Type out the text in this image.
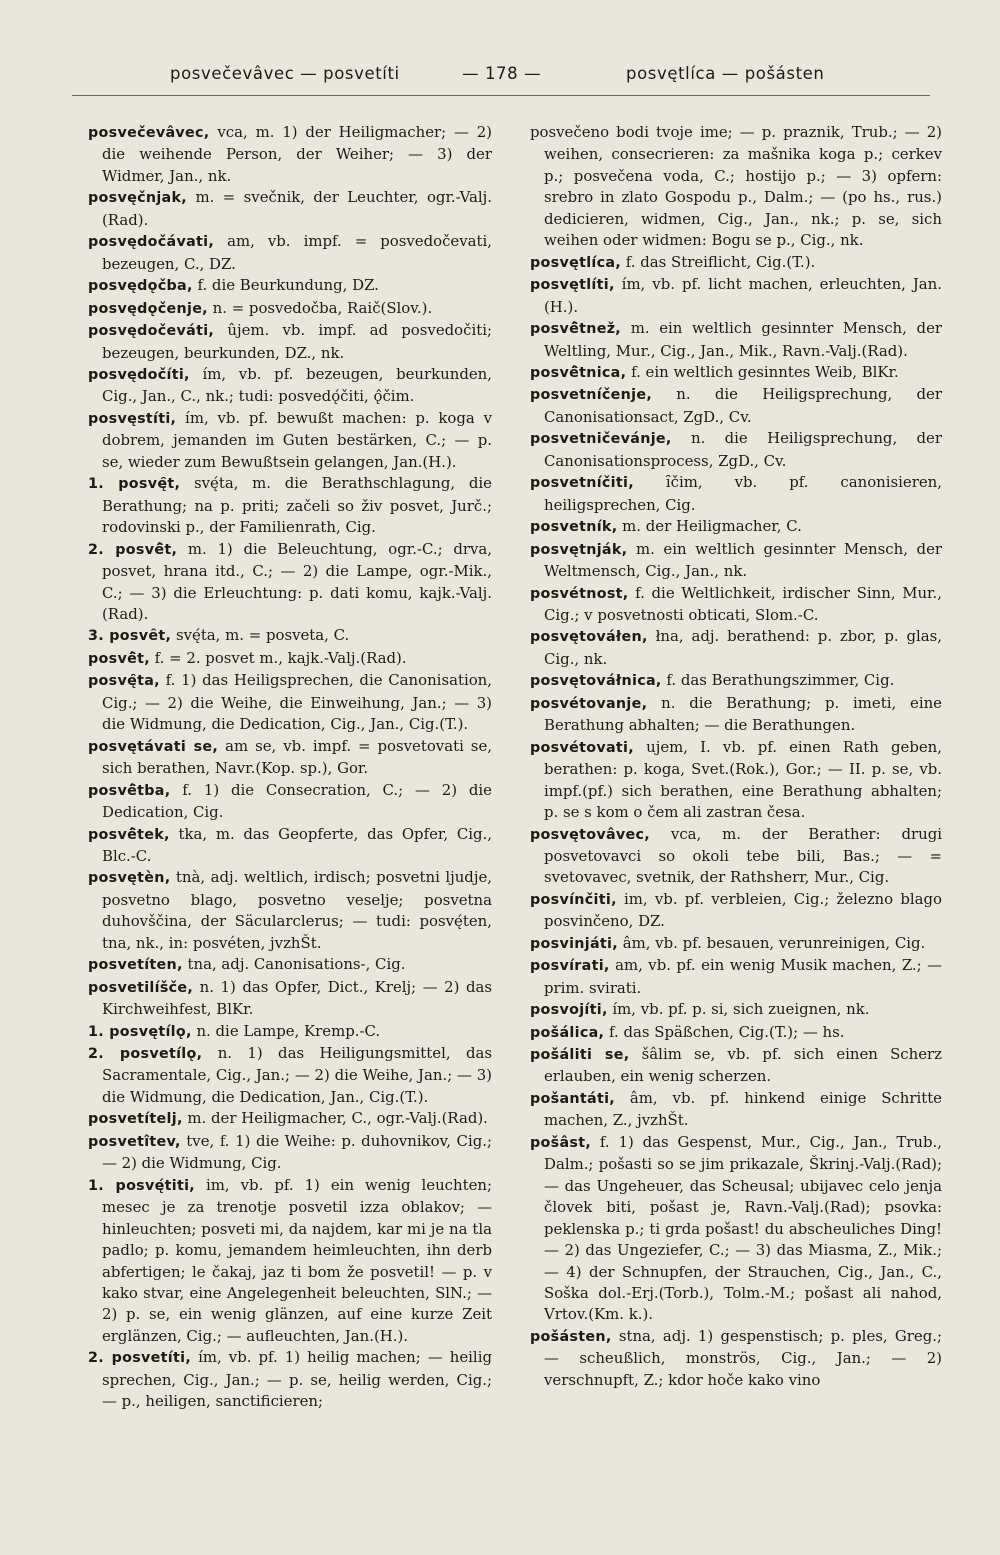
posvečevâvec — posvetíti	— 178 —	posvętlíca — pošásten

posvečevâvec, vca, m. 1) der Heiligmacher; — 2) die weihende Person, der Weiher; — 3) der Widmer, Jan., nk.

posvęčnjak, m. = svečnik, der Leuchter, ogr.-Valj.(Rad).

posvędočávati, am, vb. impf. = posvedočevati, bezeugen, C., DZ.

posvędǫčba, f. die Beurkundung, DZ.

posvędǫčenje, n. = posvedočba, Raič(Slov.).

posvędočeváti, ûjem. vb. impf. ad posvedočiti; bezeugen, beurkunden, DZ., nk.

posvędočíti, ím, vb. pf. bezeugen, beurkunden, Cig., Jan., C., nk.; tudi: posvedǫ́čiti, ǫ̂čim.

posvęstíti, ím, vb. pf. bewußt machen: p. koga v dobrem, jemanden im Guten bestärken, C.; — p. se, wieder zum Bewußtsein gelangen, Jan.(H.).

1. posvę̑t, svę́ta, m. die Berathschlagung, die Berathung; na p. priti; začeli so živ posvet, Jurč.; rodovinski p., der Familienrath, Cig.

2. posvê̑t, m. 1) die Beleuchtung, ogr.-C.; drva, posvet, hrana itd., C.; — 2) die Lampe, ogr.-Mik., C.; — 3) die Erleuchtung: p. dati komu, kajk.-Valj.(Rad).

3. posvȇt, svę́ta, m. = posveta, C.

posvê̑t, f. = 2. posvet m., kajk.-Valj.(Rad).

posvę̑ta, f. 1) das Heiligsprechen, die Canonisation, Cig.; — 2) die Weihe, die Einweihung, Jan.; — 3) die Widmung, die Dedication, Cig., Jan., Cig.(T.).

posvętávati se, am se, vb. impf. = posvetovati se, sich berathen, Navr.(Kop. sp.), Gor.

posvê̑tba, f. 1) die Consecration, C.; — 2) die Dedication, Cig.

posvê̑tek, tka, m. das Geopferte, das Opfer, Cig., Blc.-C.

posvętèn, tnà, adj. weltlich, irdisch; posvetni ljudje, posvetno blago, posvetno veselje; posvetna duhovščina, der Säcularclerus; — tudi: posvę́ten, tna, nk., in: posvéten, jvzhŠt.

posvetíten, tna, adj. Canonisations-, Cig.

posvetilíšče, n. 1) das Opfer, Dict., Krelj; — 2) das Kirchweihfest, BlKr.

1. posvętílǫ, n. die Lampe, Kremp.-C.

2. posvetílǫ, n. 1) das Heiligungsmittel, das Sacramentale, Cig., Jan.; — 2) die Weihe, Jan.; — 3) die Widmung, die Dedication, Jan., Cig.(T.).

posvetítelj, m. der Heiligmacher, C., ogr.-Valj.(Rad).

posvetîtev, tve, f. 1) die Weihe: p. duhovnikov, Cig.; — 2) die Widmung, Cig.

1. posvę́titi, im, vb. pf. 1) ein wenig leuchten; mesec je za trenotje posvetil izza oblakov; — hinleuchten; posveti mi, da najdem, kar mi je na tla padlo; p. komu, jemandem heimleuchten, ihn derb abfertigen; le čakaj, jaz ti bom že posvetil! — p. v kako stvar, eine Angelegenheit beleuchten, SlN.; — 2) p. se, ein wenig glänzen, auf eine kurze Zeit erglänzen, Cig.; — aufleuchten, Jan.(H.).

2. posvetíti, ím, vb. pf. 1) heilig machen; — heilig sprechen, Cig., Jan.; — p. se, heilig werden, Cig.; — p., heiligen, sanctificieren;

posvečeno bodi tvoje ime; — p. praznik, Trub.; — 2) weihen, consecrieren: za mašnika koga p.; cerkev p.; posvečena voda, C.; hostijo p.; — 3) opfern: srebro in zlato Gospodu p., Dalm.; — (po hs., rus.) dedicieren, widmen, Cig., Jan., nk.; p. se, sich weihen oder widmen: Bogu se p., Cig., nk.

posvętlíca, f. das Streiflicht, Cig.(T.).

posvętlíti, ím, vb. pf. licht machen, erleuchten, Jan.(H.).

posvê̑tnež, m. ein weltlich gesinnter Mensch, der Weltling, Mur., Cig., Jan., Mik., Ravn.-Valj.(Rad).

posvê̑tnica, f. ein weltlich gesinntes Weib, BlKr.

posvetníčenje, n. die Heiligsprechung, der Canonisationsact, ZgD., Cv.

posvetničevánje, n. die Heiligsprechung, der Canonisationsprocess, ZgD., Cv.

posvetníčiti, ȋčim, vb. pf. canonisieren, heiligsprechen, Cig.

posvetník, m. der Heiligmacher, C.

posvętnják, m. ein weltlich gesinnter Mensch, der Weltmensch, Cig., Jan., nk.

posvétnost, f. die Weltlichkeit, irdischer Sinn, Mur., Cig.; v posvetnosti obticati, Slom.-C.

posvętováłen, łna, adj. berathend: p. zbor, p. glas, Cig., nk.

posvętováłnica, f. das Berathungszimmer, Cig.

posvétovanje, n. die Berathung; p. imeti, eine Berathung abhalten; — die Berathungen.

posvétovati, ujem, I. vb. pf. einen Rath geben, berathen: p. koga, Svet.(Rok.), Gor.; — II. p. se, vb. impf.(pf.) sich berathen, eine Berathung abhalten; p. se s kom o čem ali zastran česa.

posvętovâvec, vca, m. der Berather: drugi posvetovavci so okoli tebe bili, Bas.; — = svetovavec, svetnik, der Rathsherr, Mur., Cig.

posvínčiti, im, vb. pf. verbleien, Cig.; železno blago posvinčeno, DZ.

posvinjáti, âm, vb. pf. besauen, verunreinigen, Cig.

posvírati, am, vb. pf. ein wenig Musik machen, Z.; — prim. svirati.

posvojíti, ím, vb. pf. p. si, sich zueignen, nk.

pošálica, f. das Späßchen, Cig.(T.); — hs.

pošáliti se, šâlim se, vb. pf. sich einen Scherz erlauben, ein wenig scherzen.

pošantáti, âm, vb. pf. hinkend einige Schritte machen, Z., jvzhŠt.

pošâst, f. 1) das Gespenst, Mur., Cig., Jan., Trub., Dalm.; pošasti so se jim prikazale, Škrinj.-Valj.(Rad); — das Ungeheuer, das Scheusal; ubijavec celo jenja človek biti, pošast je, Ravn.-Valj.(Rad); psovka: peklenska p.; ti grda pošast! du abscheuliches Ding! — 2) das Ungeziefer, C.; — 3) das Miasma, Z., Mik.; — 4) der Schnupfen, der Strauchen, Cig., Jan., C., Soška dol.-Erj.(Torb.), Tolm.-M.; pošast ali nahod, Vrtov.(Km. k.).

pošásten, stna, adj. 1) gespenstisch; p. ples, Greg.; — scheußlich, monströs, Cig., Jan.; — 2) verschnupft, Z.; kdor hoče kako vino
